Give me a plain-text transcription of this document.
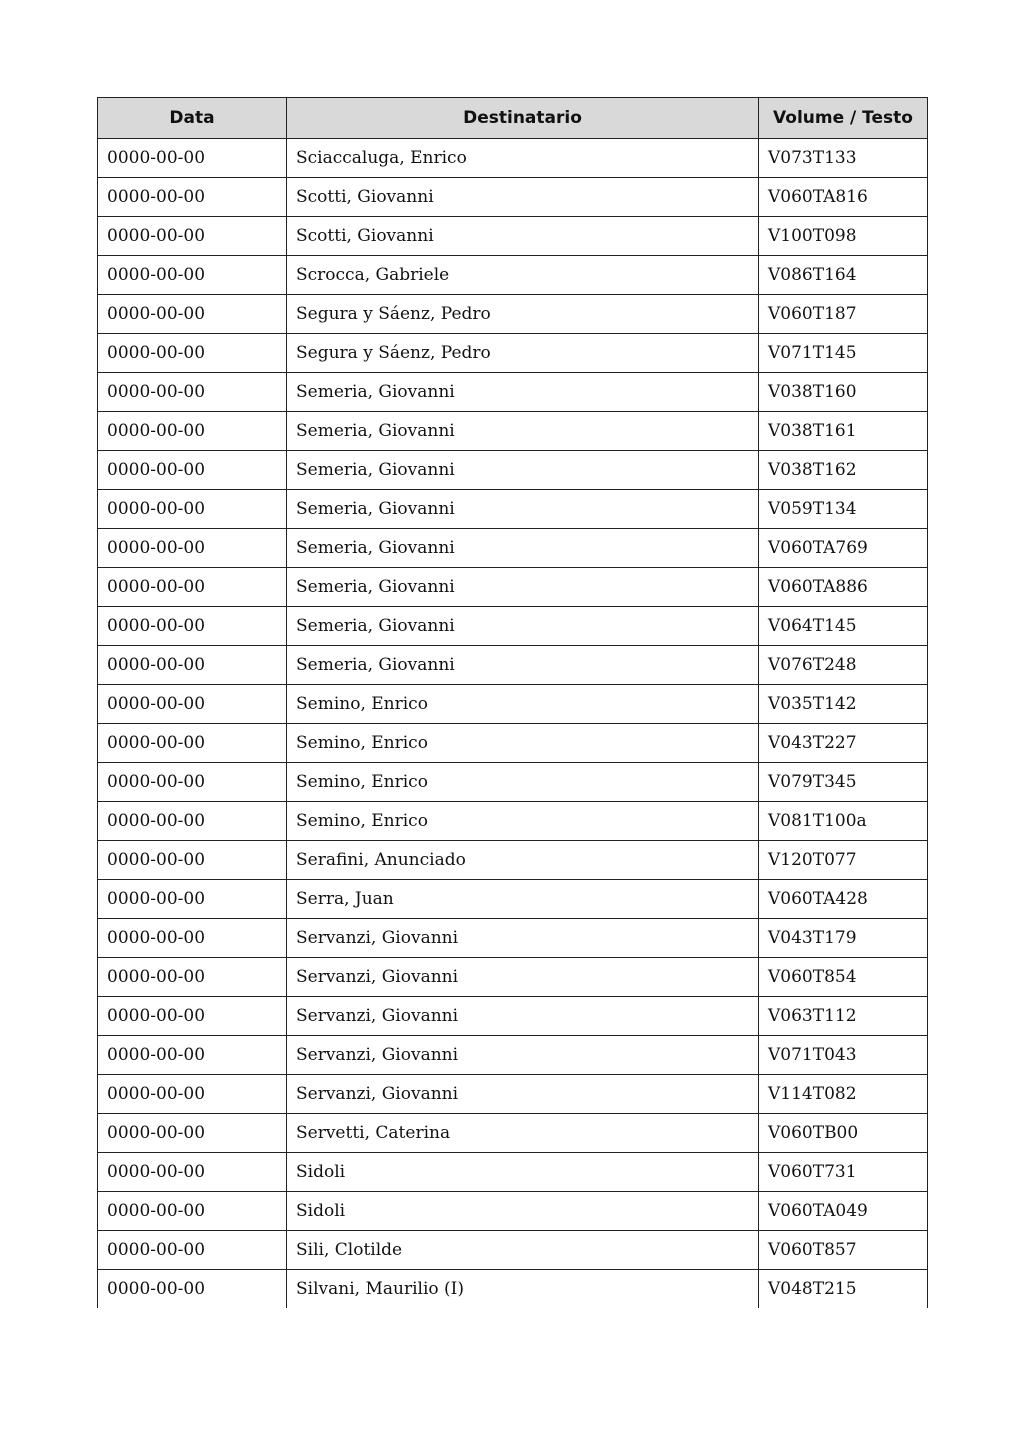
Data	Destinatario	Volume / Testo
0000-00-00	Sciaccaluga, Enrico	V073T133
0000-00-00	Scotti, Giovanni	V060TA816
0000-00-00	Scotti, Giovanni	V100T098
0000-00-00	Scrocca, Gabriele	V086T164
0000-00-00	Segura y Sáenz, Pedro	V060T187
0000-00-00	Segura y Sáenz, Pedro	V071T145
0000-00-00	Semeria, Giovanni	V038T160
0000-00-00	Semeria, Giovanni	V038T161
0000-00-00	Semeria, Giovanni	V038T162
0000-00-00	Semeria, Giovanni	V059T134
0000-00-00	Semeria, Giovanni	V060TA769
0000-00-00	Semeria, Giovanni	V060TA886
0000-00-00	Semeria, Giovanni	V064T145
0000-00-00	Semeria, Giovanni	V076T248
0000-00-00	Semino, Enrico	V035T142
0000-00-00	Semino, Enrico	V043T227
0000-00-00	Semino, Enrico	V079T345
0000-00-00	Semino, Enrico	V081T100a
0000-00-00	Serafini, Anunciado	V120T077
0000-00-00	Serra, Juan	V060TA428
0000-00-00	Servanzi, Giovanni	V043T179
0000-00-00	Servanzi, Giovanni	V060T854
0000-00-00	Servanzi, Giovanni	V063T112
0000-00-00	Servanzi, Giovanni	V071T043
0000-00-00	Servanzi, Giovanni	V114T082
0000-00-00	Servetti, Caterina	V060TB00
0000-00-00	Sidoli	V060T731
0000-00-00	Sidoli	V060TA049
0000-00-00	Sili, Clotilde	V060T857
0000-00-00	Silvani, Maurilio (I)	V048T215
